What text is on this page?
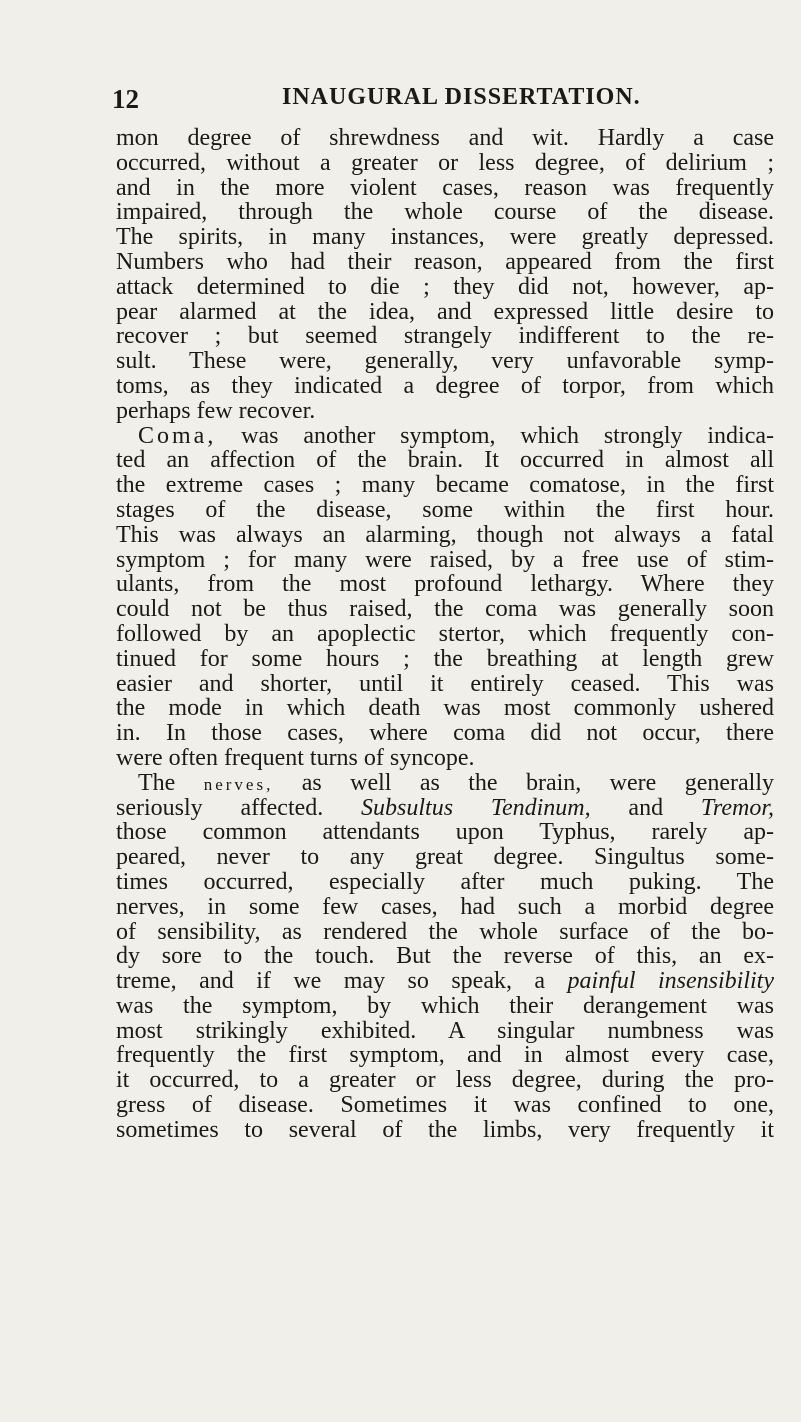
12	INAUGURAL DISSERTATION.
mon degree of shrewdness and wit. Hardly a case
occurred, without a greater or less degree, of delirium ;
and in the more violent cases, reason was frequently
impaired, through the whole course of the disease.
The spirits, in many instances, were greatly depressed.
Numbers who had their reason, appeared from the first
attack determined to die ; they did not, however, ap-
pear alarmed at the idea, and expressed little desire to
recover ; but seemed strangely indifferent to the re-
sult. These were, generally, very unfavorable symp-
toms, as they indicated a degree of torpor, from which
perhaps few recover.
Coma, was another symptom, which strongly indica-
ted an affection of the brain. It occurred in almost all
the extreme cases ; many became comatose, in the first
stages of the disease, some within the first hour.
This was always an alarming, though not always a fatal
symptom ; for many were raised, by a free use of stim-
ulants, from the most profound lethargy. Where they
could not be thus raised, the coma was generally soon
followed by an apoplectic stertor, which frequently con-
tinued for some hours ; the breathing at length grew
easier and shorter, until it entirely ceased. This was
the mode in which death was most commonly ushered
in. In those cases, where coma did not occur, there
were often frequent turns of syncope.
The nerves, as well as the brain, were generally
seriously affected. Subsultus Tendinum, and Tremor,
those common attendants upon Typhus, rarely ap-
peared, never to any great degree. Singultus some-
times occurred, especially after much puking. The
nerves, in some few cases, had such a morbid degree
of sensibility, as rendered the whole surface of the bo-
dy sore to the touch. But the reverse of this, an ex-
treme, and if we may so speak, a painful insensibility
was the symptom, by which their derangement was
most strikingly exhibited. A singular numbness was
frequently the first symptom, and in almost every case,
it occurred, to a greater or less degree, during the pro-
gress of disease. Sometimes it was confined to one,
sometimes to several of the limbs, very frequently it
